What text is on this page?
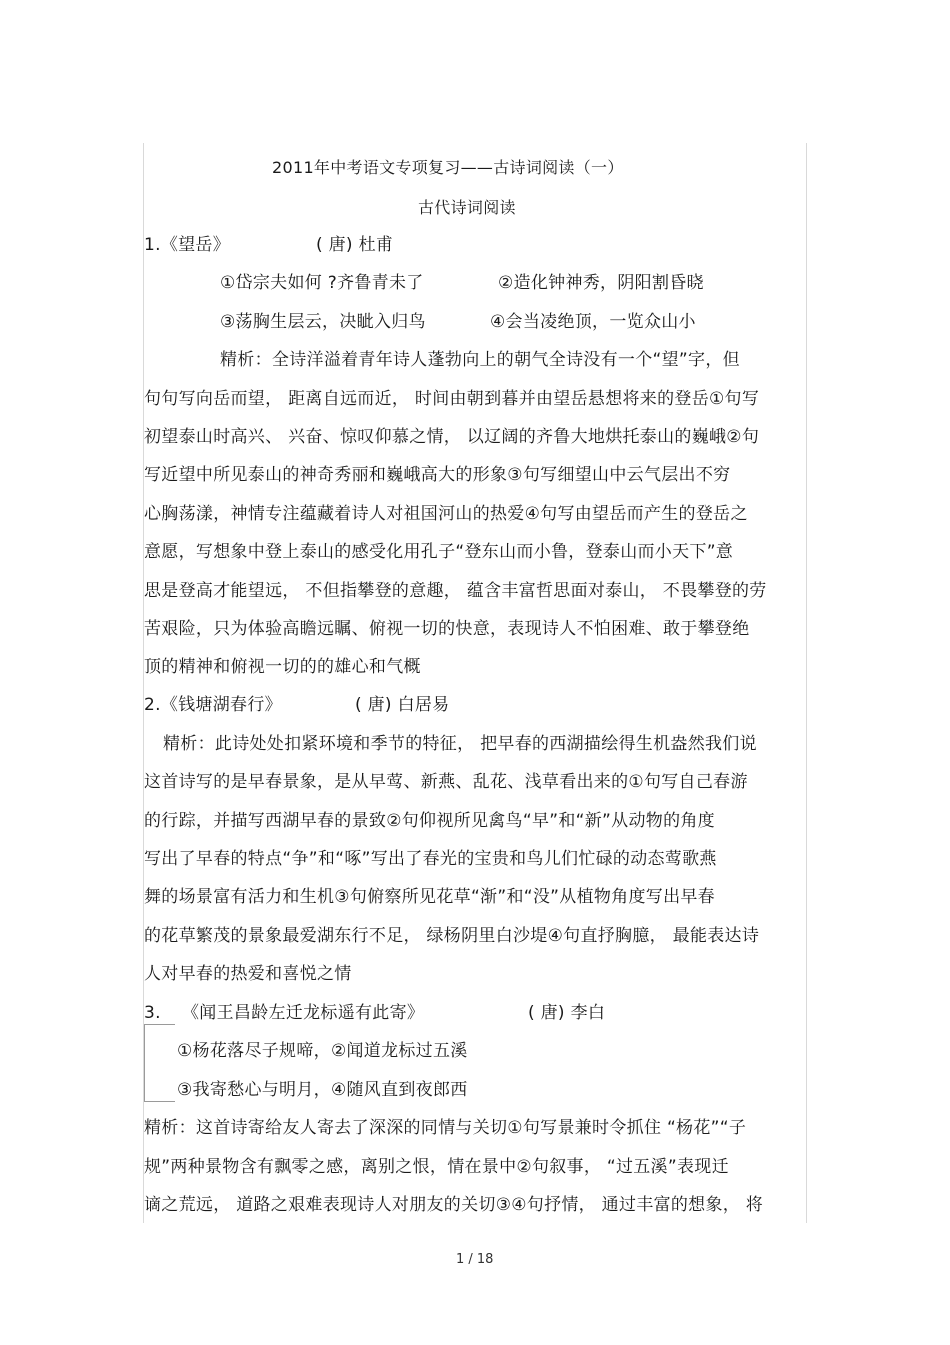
2011年中考语文专项复习——古诗词阅读（一）
古代诗词阅读
1.《望岳》	( 唐) 杜甫
①岱宗夫如何 ?齐鲁青未了	②造化钟神秀，阴阳割昏晓
③荡胸生层云，决眦入归鸟	④会当凌绝顶，一览众山小
精析：全诗洋溢着青年诗人蓬勃向上的朝气全诗没有一个“望”字，但
句句写向岳而望， 距离自远而近， 时间由朝到暮并由望岳悬想将来的登岳①句写
初望泰山时高兴、 兴奋、惊叹仰慕之情， 以辽阔的齐鲁大地烘托泰山的巍峨②句
写近望中所见泰山的神奇秀丽和巍峨高大的形象③句写细望山中云气层出不穷
心胸荡漾，神情专注蕴藏着诗人对祖国河山的热爱④句写由望岳而产生的登岳之
意愿，写想象中登上泰山的感受化用孔子“登东山而小鲁，登泰山而小天下”意
思是登高才能望远， 不但指攀登的意趣， 蕴含丰富哲思面对泰山， 不畏攀登的劳
苦艰险，只为体验高瞻远瞩、俯视一切的快意，表现诗人不怕困难、敢于攀登绝
顶的精神和俯视一切的的雄心和气概
2.《钱塘湖春行》	( 唐) 白居易
精析：此诗处处扣紧环境和季节的特征， 把早春的西湖描绘得生机盎然我们说
这首诗写的是早春景象，是从早莺、新燕、乱花、浅草看出来的①句写自己春游
的行踪，并描写西湖早春的景致②句仰视所见禽鸟“早”和“新”从动物的角度
写出了早春的特点“争”和“啄”写出了春光的宝贵和鸟儿们忙碌的动态莺歌燕
舞的场景富有活力和生机③句俯察所见花草“渐”和“没”从植物角度写出早春
的花草繁茂的景象最爱湖东行不足， 绿杨阴里白沙堤④句直抒胸臆， 最能表达诗
人对早春的热爱和喜悦之情
3. 《闻王昌龄左迁龙标遥有此寄》	( 唐) 李白
①杨花落尽子规啼，②闻道龙标过五溪
③我寄愁心与明月，④随风直到夜郎西
精析：这首诗寄给友人寄去了深深的同情与关切①句写景兼时令抓住 “杨花”“子
规”两种景物含有飘零之感，离别之恨，情在景中②句叙事， “过五溪”表现迁
谪之荒远， 道路之艰难表现诗人对朋友的关切③④句抒情， 通过丰富的想象， 将
1 / 18
